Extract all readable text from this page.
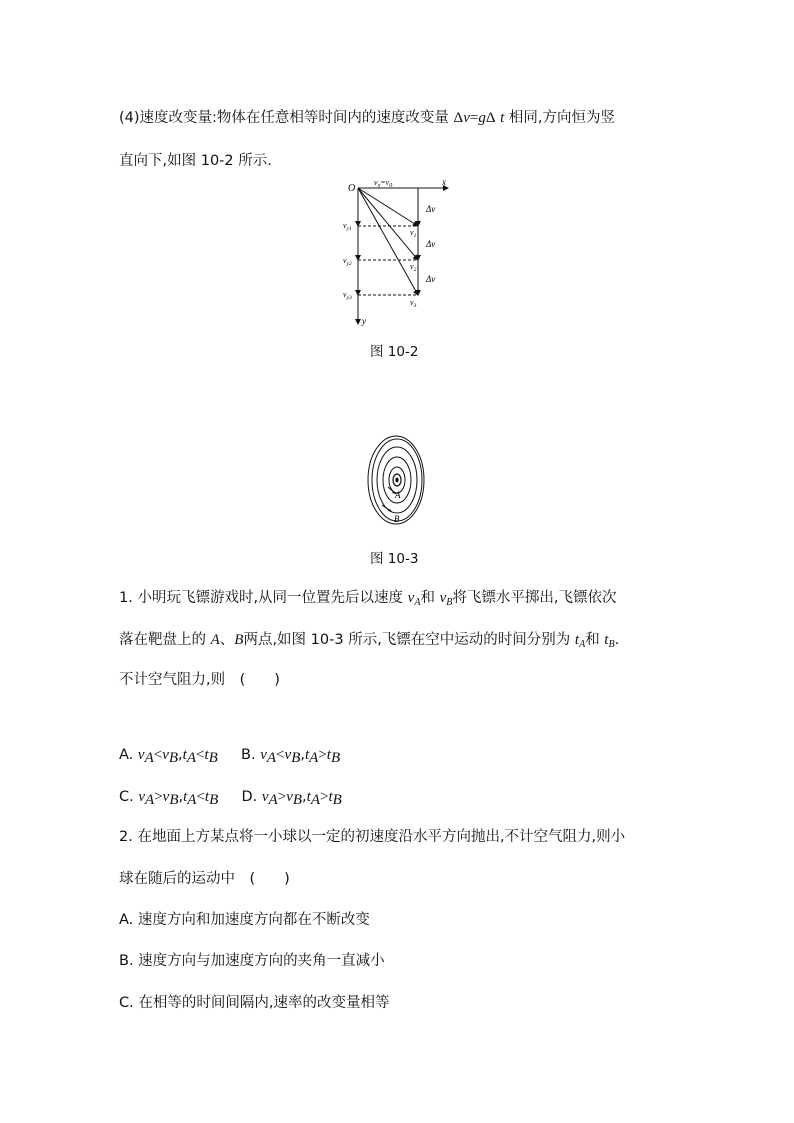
(4)速度改变量:物体在任意相等时间内的速度改变量 Δv=gΔ t 相同,方向恒为竖
直向下,如图 10-2 所示.
O
$v_x=v_0$	x
y
$v_{y1}$
$v_{y2}$
$v_{y3}$
$v_1$
$v_2$
$v_3$
Δv
Δv
Δv
图 10-2
A
B
图 10-3
1. 小明玩飞镖游戏时,从同一位置先后以速度 $v_A$和 $v_B$将飞镖水平掷出,飞镖依次
落在靶盘上的 A、B两点,如图 10-3 所示,飞镖在空中运动的时间分别为 $t_A$和 $t_B$.
不计空气阻力,则　(　　)
A. $v_A<v_B,t_A<t_B$ B. $v_A<v_B,t_A>t_B$
C. $v_A>v_B,t_A<t_B$ D. $v_A>v_B,t_A>t_B$
2. 在地面上方某点将一小球以一定的初速度沿水平方向抛出,不计空气阻力,则小
球在随后的运动中　(　　)
A. 速度方向和加速度方向都在不断改变
B. 速度方向与加速度方向的夹角一直减小
C. 在相等的时间间隔内,速率的改变量相等
